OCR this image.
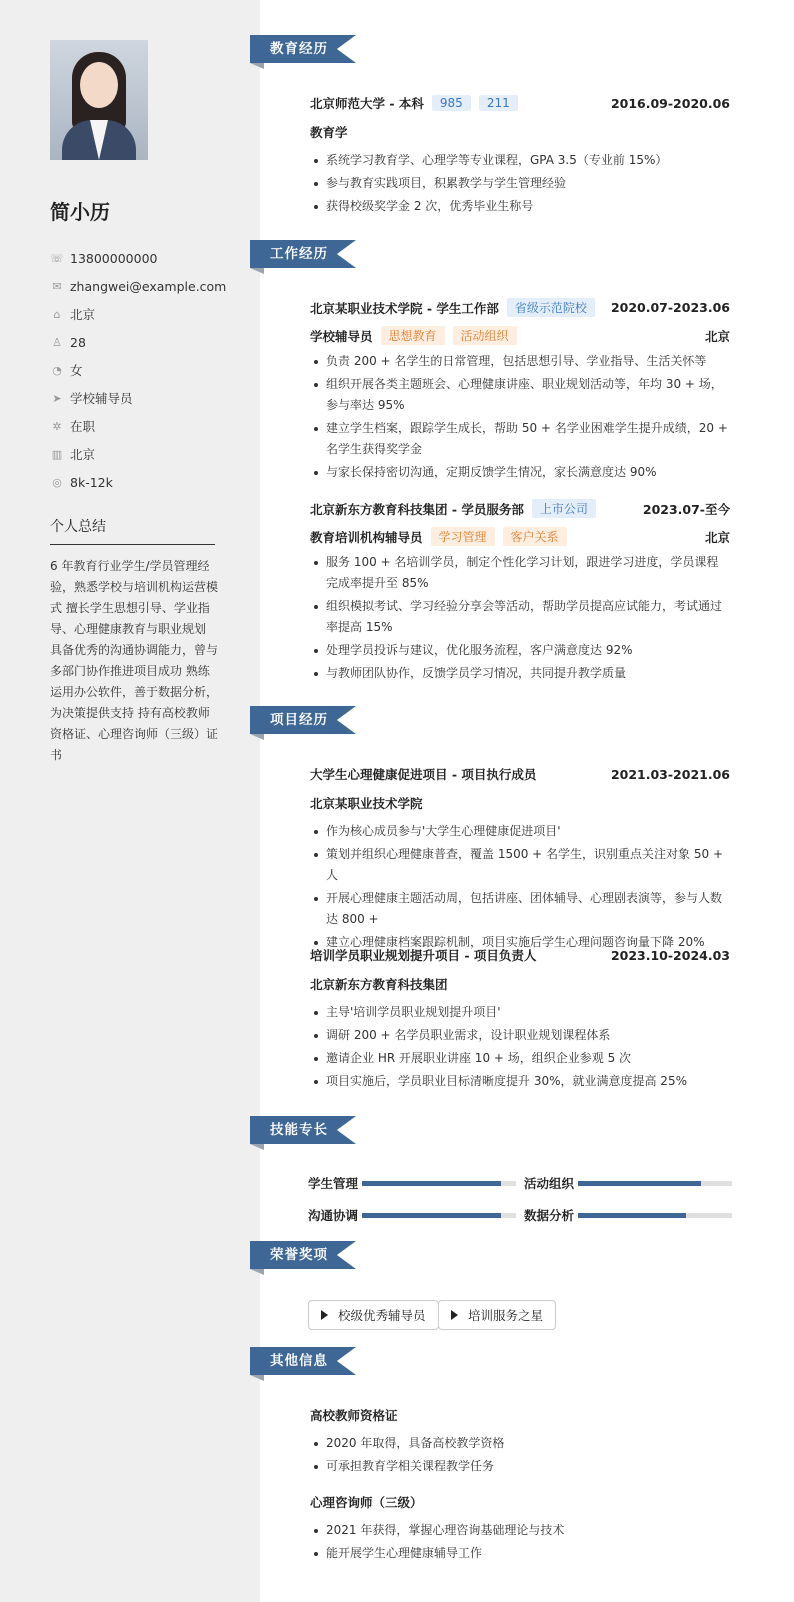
简小历
☏ 13800000000
✉ zhangwei@example.com
⌂ 北京
♙ 28
◔ 女
➤ 学校辅导员
✲ 在职
▥ 北京
◎ 8k-12k
个人总结
6 年教育行业学生/学员管理经验，熟悉学校与培训机构运营模式 擅长学生思想引导、学业指导、心理健康教育与职业规划 具备优秀的沟通协调能力，曾与多部门协作推进项目成功 熟练运用办公软件，善于数据分析，为决策提供支持 持有高校教师资格证、心理咨询师（三级）证书
教育经历
北京师范大学 - 本科	985	211	2016.09-2020.06
教育学
系统学习教育学、心理学等专业课程，GPA 3.5（专业前 15%）
参与教育实践项目，积累教学与学生管理经验
获得校级奖学金 2 次，优秀毕业生称号
工作经历
北京某职业技术学院 - 学生工作部	省级示范院校	2020.07-2023.06
学校辅导员	思想教育	活动组织	北京
负责 200 + 名学生的日常管理，包括思想引导、学业指导、生活关怀等
组织开展各类主题班会、心理健康讲座、职业规划活动等，年均 30 + 场，参与率达 95%
建立学生档案，跟踪学生成长，帮助 50 + 名学业困难学生提升成绩，20 + 名学生获得奖学金
与家长保持密切沟通，定期反馈学生情况，家长满意度达 90%
北京新东方教育科技集团 - 学员服务部	上市公司	2023.07-至今
教育培训机构辅导员	学习管理	客户关系	北京
服务 100 + 名培训学员，制定个性化学习计划，跟进学习进度，学员课程完成率提升至 85%
组织模拟考试、学习经验分享会等活动，帮助学员提高应试能力，考试通过率提高 15%
处理学员投诉与建议，优化服务流程，客户满意度达 92%
与教师团队协作，反馈学员学习情况，共同提升教学质量
项目经历
大学生心理健康促进项目 - 项目执行成员	2021.03-2021.06
北京某职业技术学院
作为核心成员参与'大学生心理健康促进项目'
策划并组织心理健康普查，覆盖 1500 + 名学生，识别重点关注对象 50 + 人
开展心理健康主题活动周，包括讲座、团体辅导、心理剧表演等，参与人数达 800 +
建立心理健康档案跟踪机制，项目实施后学生心理问题咨询量下降 20%
培训学员职业规划提升项目 - 项目负责人	2023.10-2024.03
北京新东方教育科技集团
主导'培训学员职业规划提升项目'
调研 200 + 名学员职业需求，设计职业规划课程体系
邀请企业 HR 开展职业讲座 10 + 场，组织企业参观 5 次
项目实施后，学员职业目标清晰度提升 30%，就业满意度提高 25%
技能专长
学生管理	活动组织
沟通协调	数据分析
荣誉奖项
校级优秀辅导员	培训服务之星
其他信息
高校教师资格证
2020 年取得，具备高校教学资格
可承担教育学相关课程教学任务
心理咨询师（三级）
2021 年获得，掌握心理咨询基础理论与技术
能开展学生心理健康辅导工作
